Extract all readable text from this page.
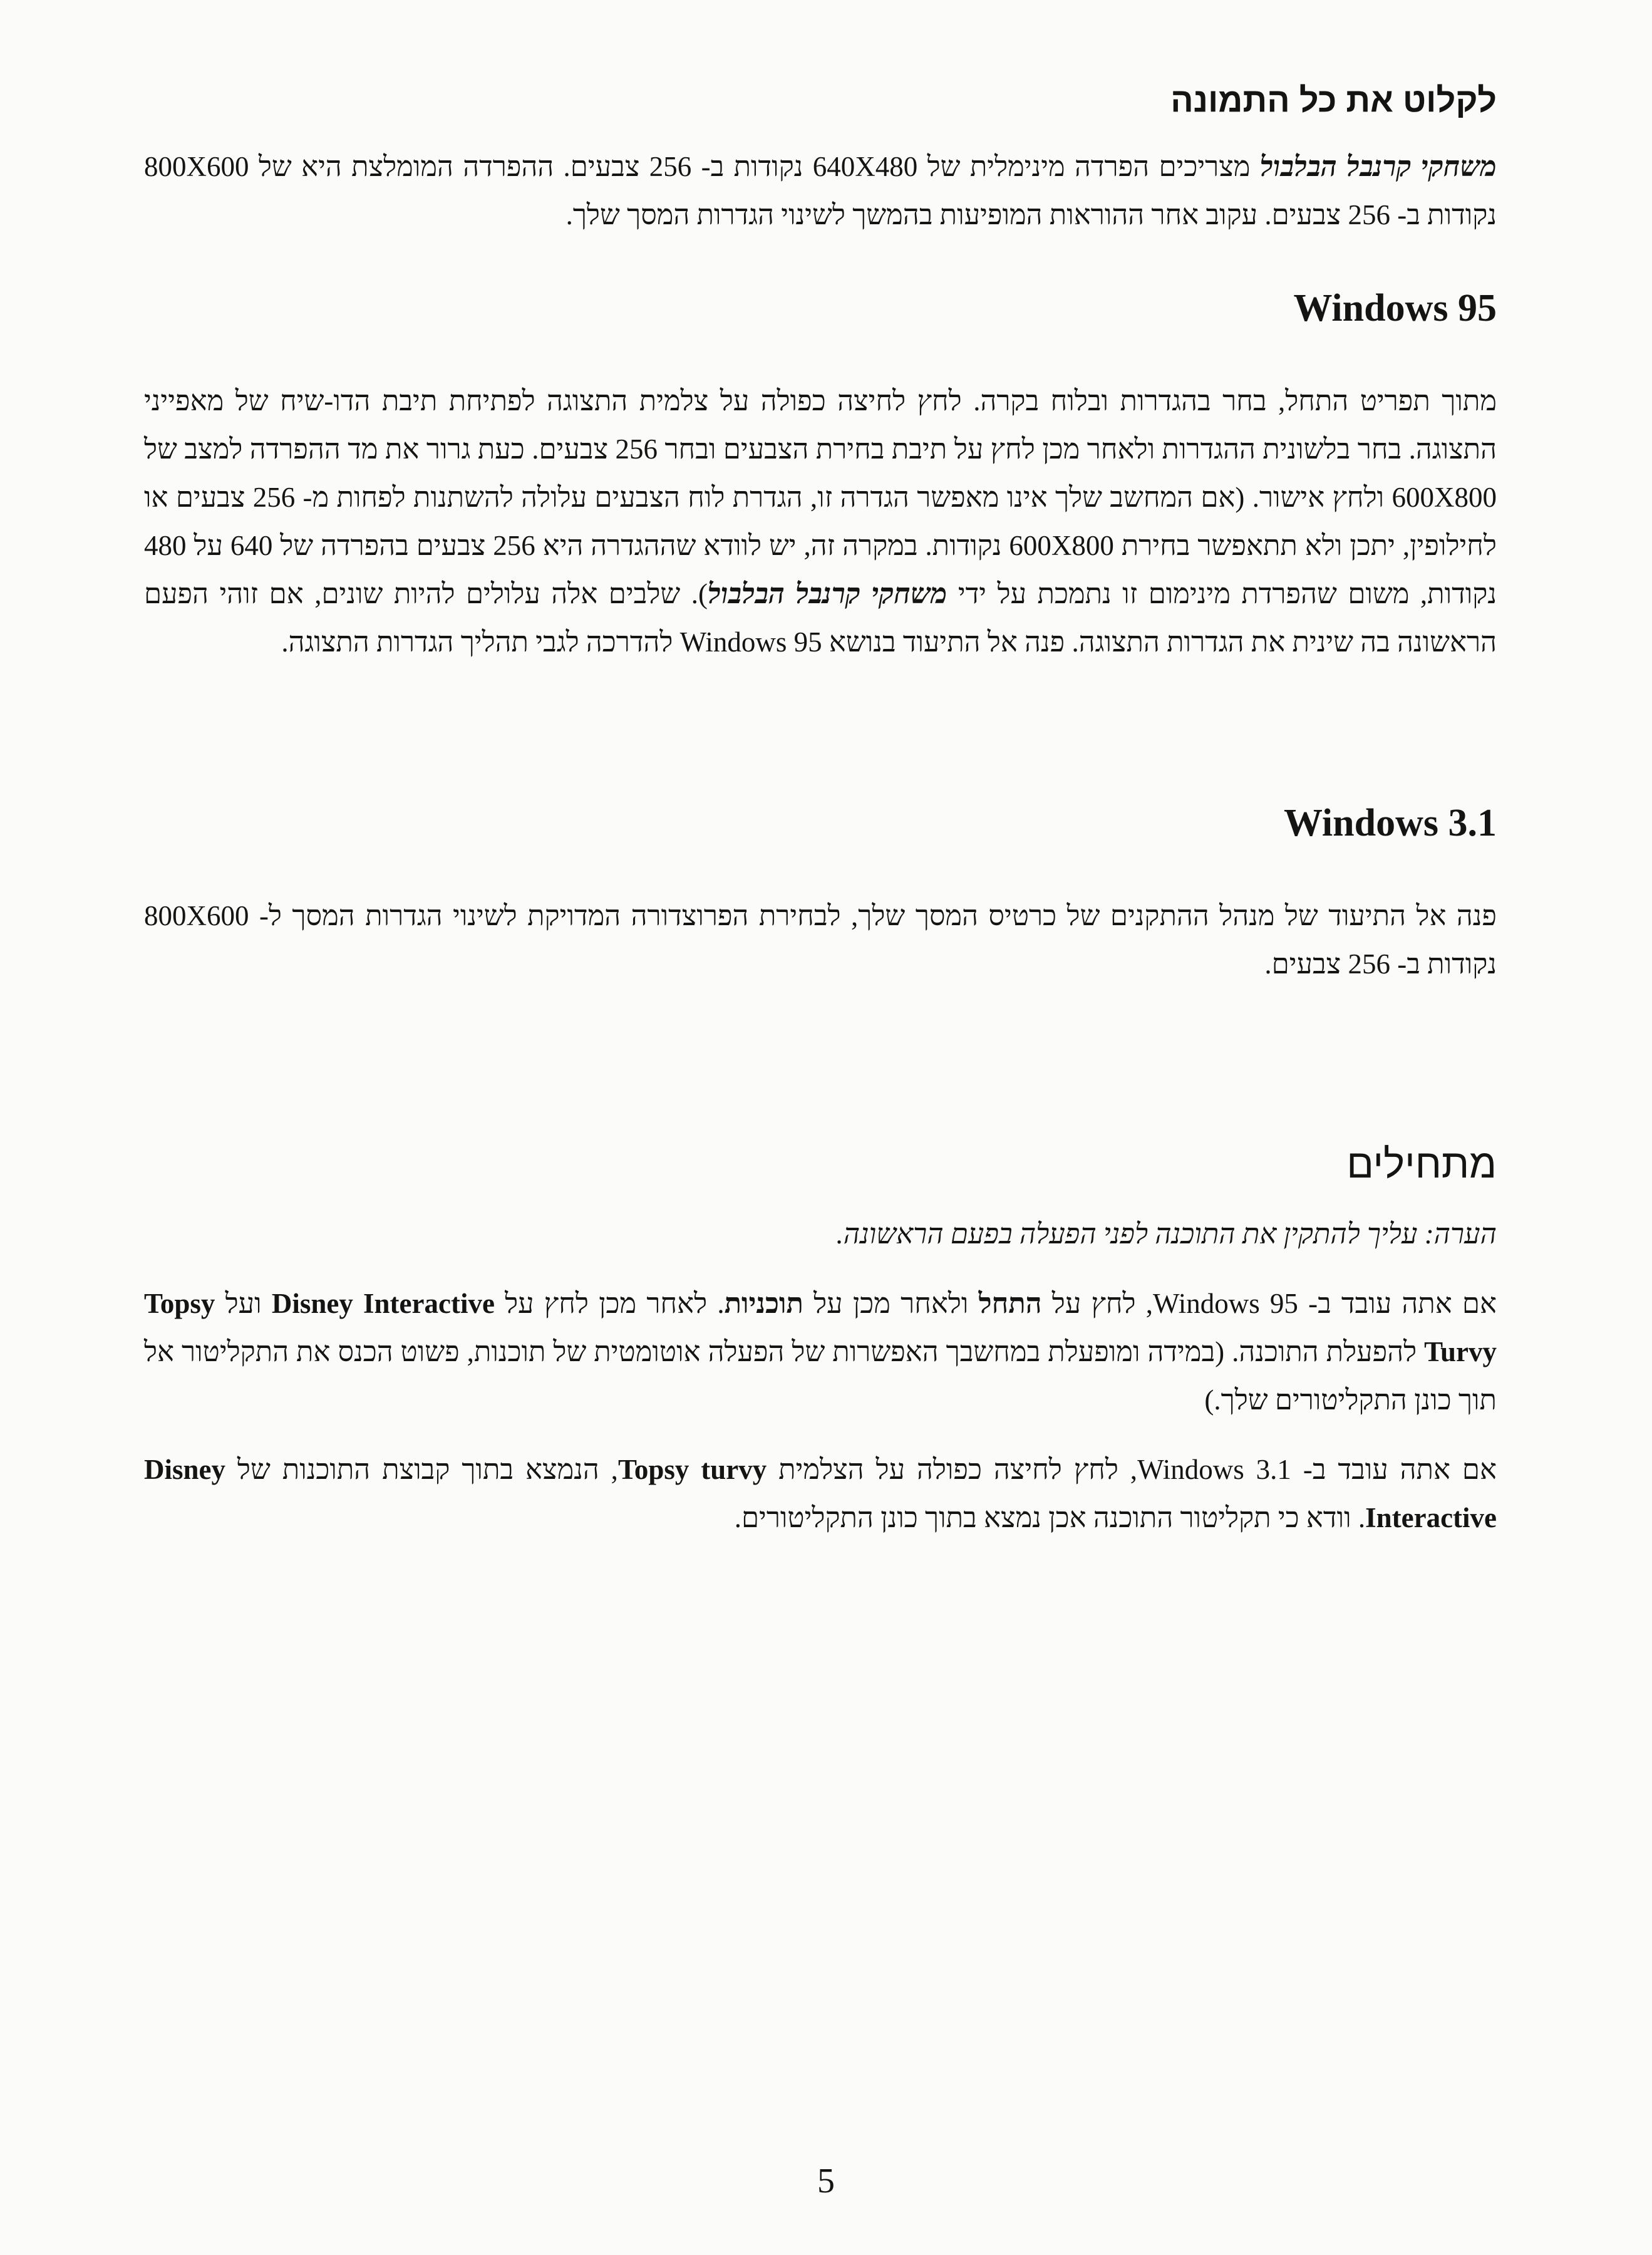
לקלוט את כל התמונה

משחקי קרנבל הבלבול מצריכים הפרדה מינימלית של 640X480 נקודות ב- 256 צבעים. ההפרדה המומלצת היא של 800X600 נקודות ב- 256 צבעים. עקוב אחר ההוראות המופיעות בהמשך לשינוי הגדרות המסך שלך.

Windows 95

מתוך תפריט התחל, בחר בהגדרות ובלוח בקרה. לחץ לחיצה כפולה על צלמית התצוגה לפתיחת תיבת הדו-שיח של מאפייני התצוגה. בחר בלשונית ההגדרות ולאחר מכן לחץ על תיבת בחירת הצבעים ובחר 256 צבעים. כעת גרור את מד ההפרדה למצב של 600X800 ולחץ אישור. (אם המחשב שלך אינו מאפשר הגדרה זו, הגדרת לוח הצבעים עלולה להשתנות לפחות מ- 256 צבעים או לחילופין, יתכן ולא תתאפשר בחירת 600X800 נקודות. במקרה זה, יש לוודא שההגדרה היא 256 צבעים בהפרדה של 640 על 480 נקודות, משום שהפרדת מינימום זו נתמכת על ידי משחקי קרנבל הבלבול). שלבים אלה עלולים להיות שונים, אם זוהי הפעם הראשונה בה שינית את הגדרות התצוגה. פנה אל התיעוד בנושא Windows 95 להדרכה לגבי תהליך הגדרות התצוגה.

Windows 3.1

פנה אל התיעוד של מנהל ההתקנים של כרטיס המסך שלך, לבחירת הפרוצדורה המדויקת לשינוי הגדרות המסך ל- 800X600 נקודות ב- 256 צבעים.

מתחילים

הערה: עליך להתקין את התוכנה לפני הפעלה בפעם הראשונה.

אם אתה עובד ב- Windows 95, לחץ על התחל ולאחר מכן על תוכניות. לאחר מכן לחץ על Disney Interactive ועל Topsy Turvy להפעלת התוכנה. (במידה ומופעלת במחשבך האפשרות של הפעלה אוטומטית של תוכנות, פשוט הכנס את התקליטור אל תוך כונן התקליטורים שלך.)

אם אתה עובד ב- Windows 3.1, לחץ לחיצה כפולה על הצלמית Topsy turvy, הנמצא בתוך קבוצת התוכנות של Disney Interactive. וודא כי תקליטור התוכנה אכן נמצא בתוך כונן התקליטורים.

5
